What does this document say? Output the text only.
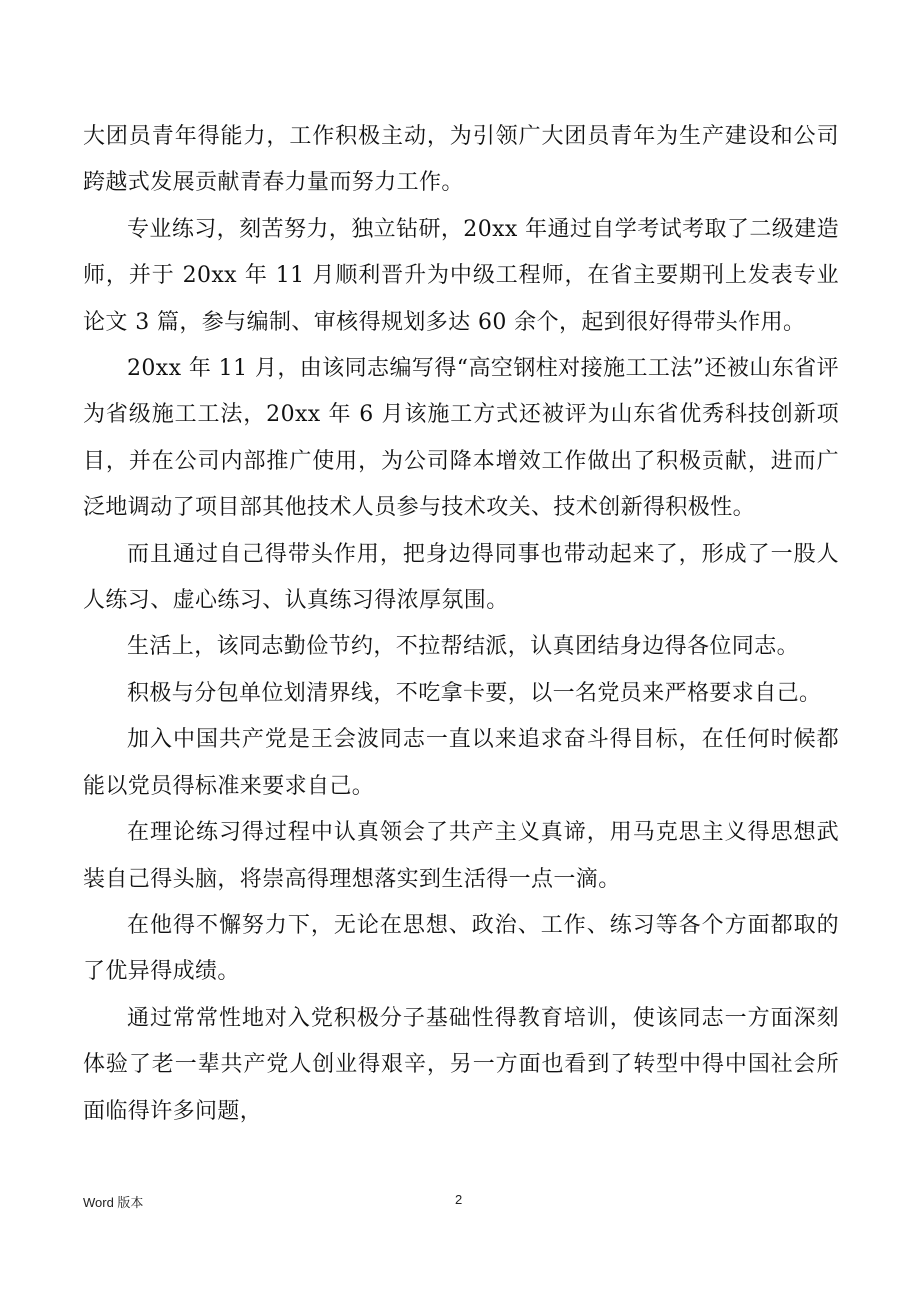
大团员青年得能力，工作积极主动，为引领广大团员青年为生产建设和公司跨越式发展贡献青春力量而努力工作。

专业练习，刻苦努力，独立钻研，20xx 年通过自学考试考取了二级建造师，并于 20xx 年 11 月顺利晋升为中级工程师，在省主要期刊上发表专业论文 3 篇，参与编制、审核得规划多达 60 余个，起到很好得带头作用。

20xx 年 11 月，由该同志编写得“高空钢柱对接施工工法”还被山东省评为省级施工工法，20xx 年 6 月该施工方式还被评为山东省优秀科技创新项目，并在公司内部推广使用，为公司降本增效工作做出了积极贡献，进而广泛地调动了项目部其他技术人员参与技术攻关、技术创新得积极性。

而且通过自己得带头作用，把身边得同事也带动起来了，形成了一股人人练习、虚心练习、认真练习得浓厚氛围。

生活上，该同志勤俭节约，不拉帮结派，认真团结身边得各位同志。

积极与分包单位划清界线，不吃拿卡要，以一名党员来严格要求自己。

加入中国共产党是王会波同志一直以来追求奋斗得目标，在任何时候都能以党员得标准来要求自己。

在理论练习得过程中认真领会了共产主义真谛，用马克思主义得思想武装自己得头脑，将崇高得理想落实到生活得一点一滴。

在他得不懈努力下，无论在思想、政治、工作、练习等各个方面都取的了优异得成绩。

通过常常性地对入党积极分子基础性得教育培训，使该同志一方面深刻体验了老一辈共产党人创业得艰辛，另一方面也看到了转型中得中国社会所面临得许多问题，

Word 版本	2
